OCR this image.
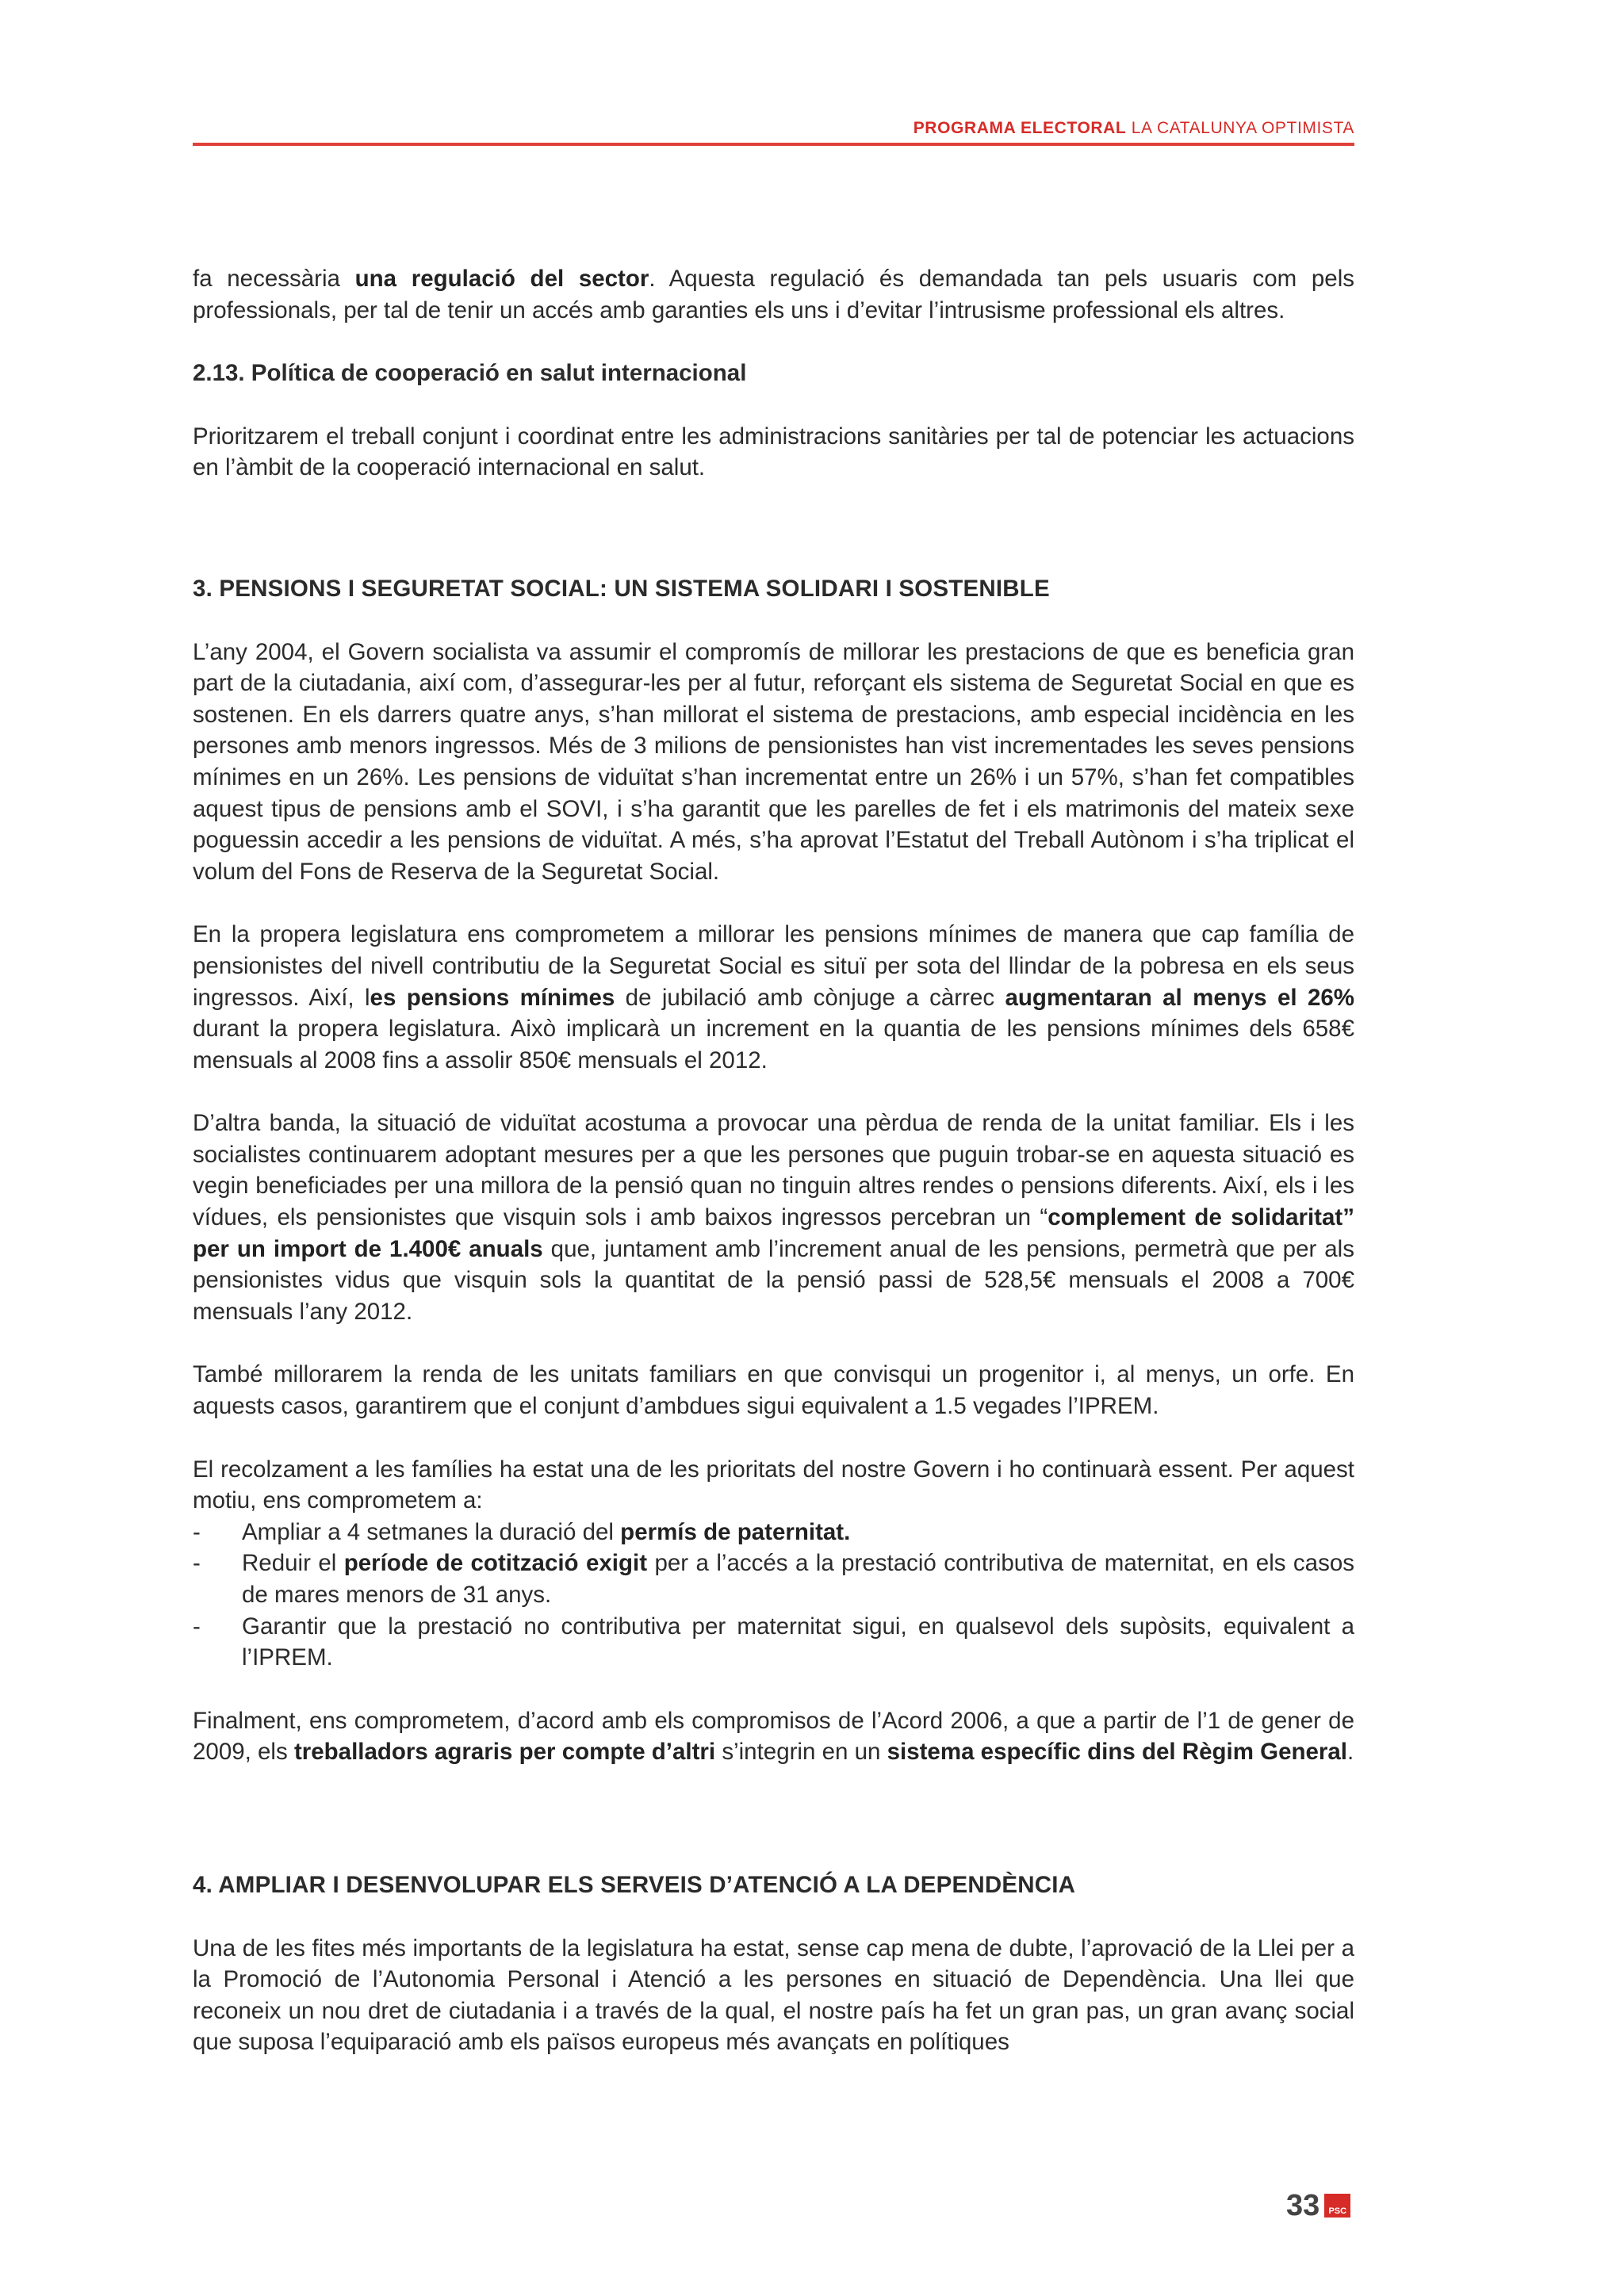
PROGRAMA ELECTORAL LA CATALUNYA OPTIMISTA

fa necessària una regulació del sector. Aquesta regulació és demandada tan pels usuaris com pels professionals, per tal de tenir un accés amb garanties els uns i d’evitar l’intrusisme professional els altres.

2.13. Política de cooperació en salut internacional

Prioritzarem el treball conjunt i coordinat entre les administracions sanitàries per tal de potenciar les actuacions en l’àmbit de la cooperació internacional en salut.

3. PENSIONS I SEGURETAT SOCIAL: UN SISTEMA SOLIDARI I SOSTENIBLE

L’any 2004, el Govern socialista va assumir el compromís de millorar les prestacions de que es beneficia gran part de la ciutadania, així com, d’assegurar-les per al futur, reforçant els sistema de Seguretat Social en que es sostenen. En els darrers quatre anys, s’han millorat el sistema de prestacions, amb especial incidència en les persones amb menors ingressos. Més de 3 milions de pensionistes han vist incrementades les seves pensions mínimes en un 26%. Les pensions de viduïtat s’han incrementat entre un 26% i un 57%, s’han fet compatibles aquest tipus de pensions amb el SOVI, i s’ha garantit que les parelles de fet i els matrimonis del mateix sexe poguessin accedir a les pensions de viduïtat. A més, s’ha aprovat l’Estatut del Treball Autònom i s’ha triplicat el volum del Fons de Reserva de la Seguretat Social.

En la propera legislatura ens comprometem a millorar les pensions mínimes de manera que cap família de pensionistes del nivell contributiu de la Seguretat Social es situï per sota del llindar de la pobresa en els seus ingressos. Així, les pensions mínimes de jubilació amb cònjuge a càrrec augmentaran al menys el 26% durant la propera legislatura. Això implicarà un increment en la quantia de les pensions mínimes dels 658€ mensuals al 2008 fins a assolir 850€ mensuals el 2012.

D’altra banda, la situació de viduïtat acostuma a provocar una pèrdua de renda de la unitat familiar. Els i les socialistes continuarem adoptant mesures per a que les persones que puguin trobar-se en aquesta situació es vegin beneficiades per una millora de la pensió quan no tinguin altres rendes o pensions diferents. Així, els i les vídues, els pensionistes que visquin sols i amb baixos ingressos percebran un “complement de solidaritat” per un import de 1.400€ anuals que, juntament amb l’increment anual de les pensions, permetrà que per als pensionistes vidus que visquin sols la quantitat de la pensió passi de 528,5€ mensuals el 2008 a 700€ mensuals l’any 2012.

També millorarem la renda de les unitats familiars en que convisqui un progenitor i, al menys, un orfe. En aquests casos, garantirem que el conjunt d’ambdues sigui equivalent a 1.5 vegades l’IPREM.

El recolzament a les famílies ha estat una de les prioritats del nostre Govern i ho continuarà essent. Per aquest motiu, ens comprometem a:

- Ampliar a 4 setmanes la duració del permís de paternitat.
- Reduir el període de cotització exigit per a l’accés a la prestació contributiva de maternitat, en els casos de mares menors de 31 anys.
- Garantir que la prestació no contributiva per maternitat sigui, en qualsevol dels supòsits, equivalent a l’IPREM.

Finalment, ens comprometem, d’acord amb els compromisos de l’Acord 2006, a que a partir de l’1 de gener de 2009, els treballadors agraris per compte d’altri s’integrin en un sistema específic dins del Règim General.

4. AMPLIAR I DESENVOLUPAR ELS SERVEIS D’ATENCIÓ A LA DEPENDÈNCIA

Una de les fites més importants de la legislatura ha estat, sense cap mena de dubte, l’aprovació de la Llei per a la Promoció de l’Autonomia Personal i Atenció a les persones en situació de Dependència. Una llei que reconeix un nou dret de ciutadania i a través de la qual, el nostre país ha fet un gran pas, un gran avanç social que suposa l’equiparació amb els països europeus més avançats en polítiques

33	PSC
